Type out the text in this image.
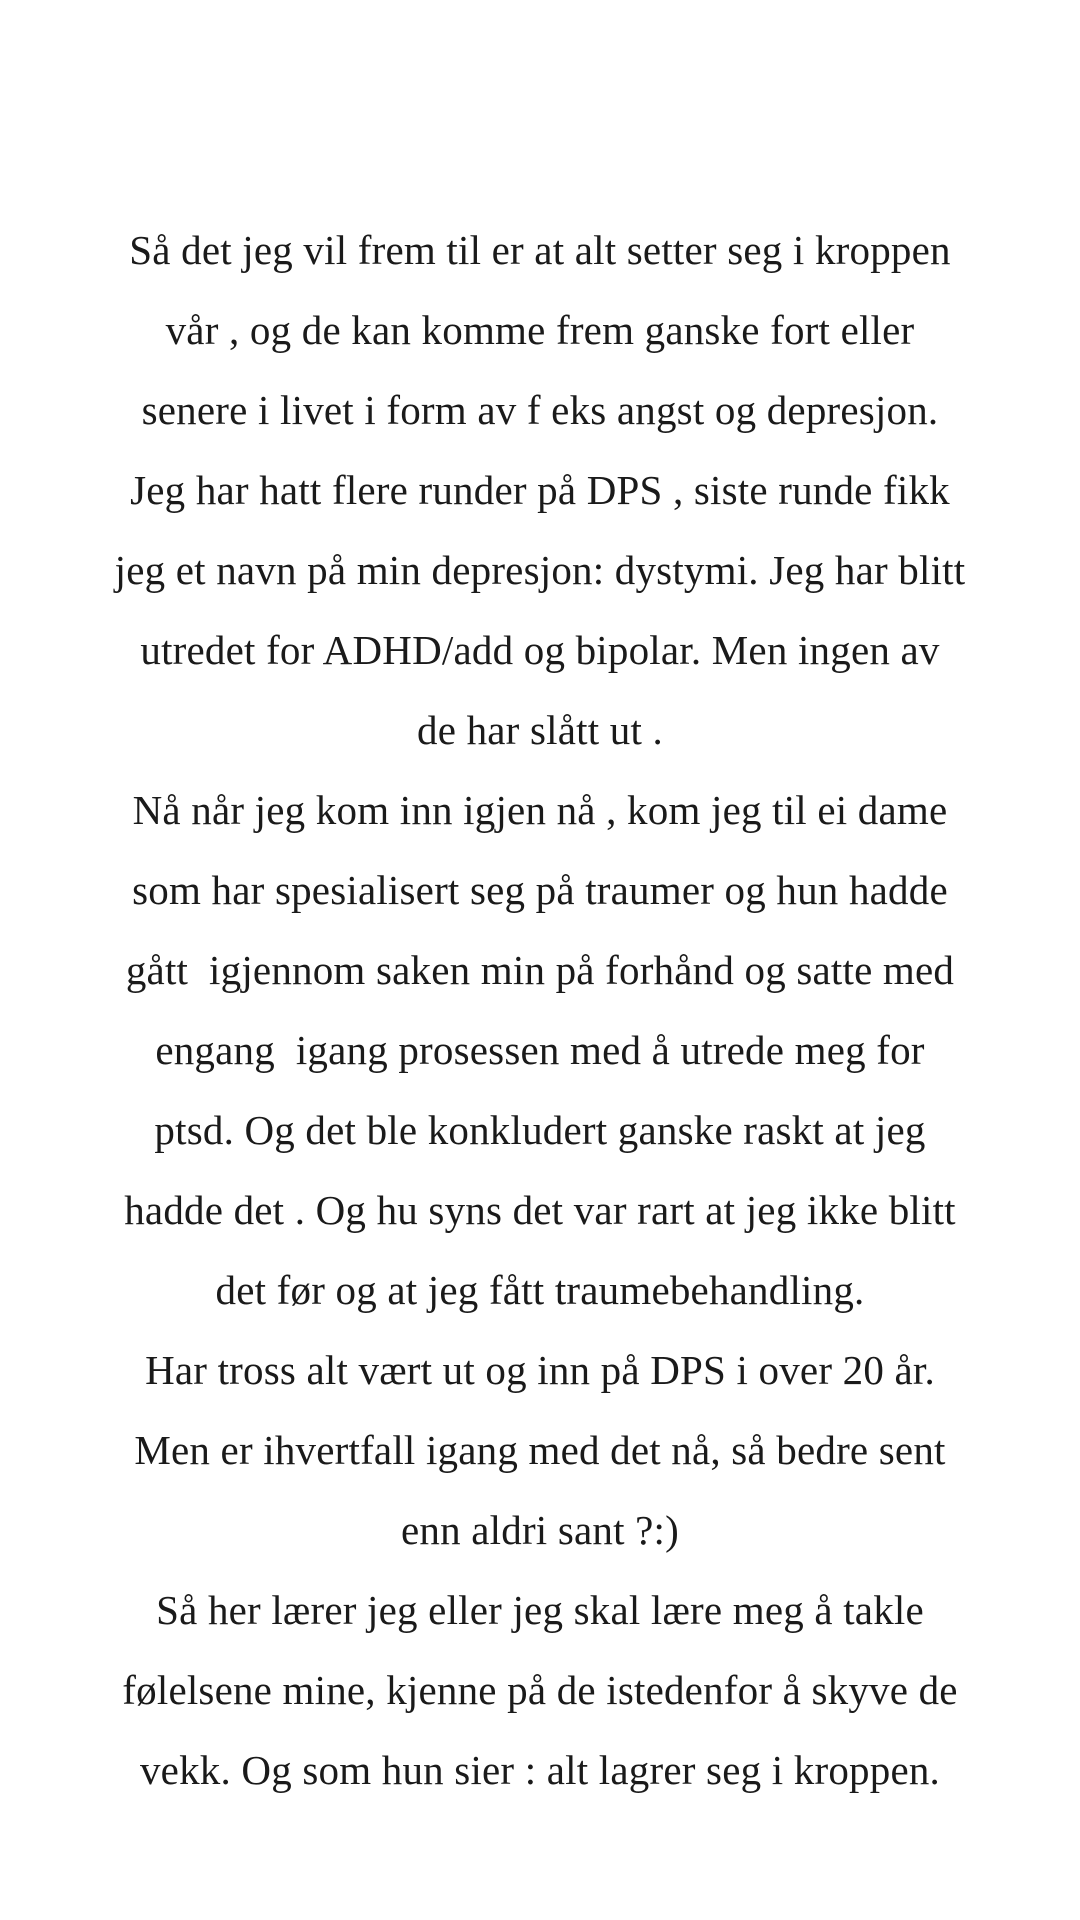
Så det jeg vil frem til er at alt setter seg i kroppen
vår , og de kan komme frem ganske fort eller
senere i livet i form av f eks angst og depresjon.
Jeg har hatt flere runder på DPS , siste runde fikk
jeg et navn på min depresjon: dystymi. Jeg har blitt
utredet for ADHD/add og bipolar. Men ingen av
de har slått ut .
Nå når jeg kom inn igjen nå , kom jeg til ei dame
som har spesialisert seg på traumer og hun hadde
gått  igjennom saken min på forhånd og satte med
engang  igang prosessen med å utrede meg for
ptsd. Og det ble konkludert ganske raskt at jeg
hadde det . Og hu syns det var rart at jeg ikke blitt
det før og at jeg fått traumebehandling.
Har tross alt vært ut og inn på DPS i over 20 år.
Men er ihvertfall igang med det nå, så bedre sent
enn aldri sant ?:)
Så her lærer jeg eller jeg skal lære meg å takle
følelsene mine, kjenne på de istedenfor å skyve de
vekk. Og som hun sier : alt lagrer seg i kroppen.
